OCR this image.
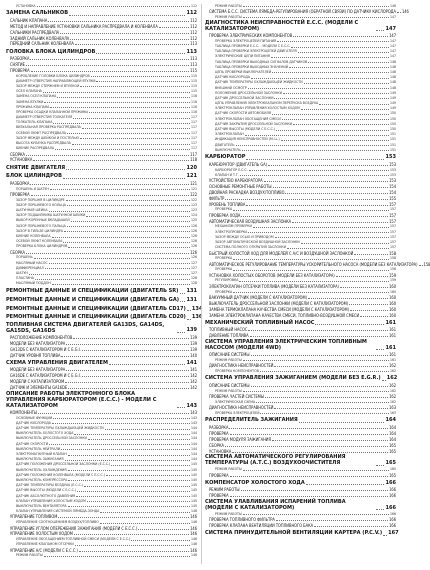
УСТАНОВКА	112
ЗАМЕНА САЛЬНИКОВ	112
САЛЬНИК КЛАПАНА	112
МЕТОД И НАПРАВЛЕНИЕ УСТАНОВКИ САЛЬНИКА РАСПРЕДВАЛА И КОЛЕНВАЛА	112
САЛЬНИКИ РАСПРЕДВАЛА	112
ЗАДНИЙ САЛЬНИК КОЛЕНВАЛА	112
ПЕРЕДНИЙ САЛЬНИК КОЛЕНВАЛА	113
ГОЛОВКА БЛОКА ЦИЛИНДРОВ	113
РАЗБОРКА	113
СНЯТИЕ	113
ПРОВЕРКА	115
КОРОБЛЕНИЕ ГОЛОВКИ БЛОКА ЦИЛИНДРОВ	115
ДИАМЕТР ОТВЕРСТИЯ НАПРАВЛЯЮЩЕЙ ВТУЛКИ	115
ЗАЗОР МЕЖДУ СТЕРЖНЕМ И ВТУЛКОЙ	115
ОСЕЛ КЛАПАНА	115
ЗАМЕНА ОСЕЛ КЛАПАНА	116
ЗАМЕНА ВТУЛКИ	116
ПРУЖИНА КЛАПАНА	116
ПРОВЕРКА ОСАДКИ КЛАПАННОЙ ПРУЖИНЫ	116
ДИАМЕТР ОТВЕРСТИЯ ТОЛКАТЕЛЯ	117
ТОЛКАТЕЛЬ КЛАПАНА	117
ВИЗУАЛЬНАЯ ПРОВЕРКА РАСПРЕДВАЛА	117
ОСЕВОЙ ЛЮФТ РАСПРЕДВАЛА	117
ЗАЗОР МЕЖДУ ШЕЙКОЙ И ПОСТЕЛЬЮ	117
ВЫСОТА КУЛАЧКА РАСПРЕДВАЛА	117
БИЕНИЕ РАСПРЕДВАЛА	117
СБОРКА	117
УСТАНОВКА	118
СНЯТИЕ ДВИГАТЕЛЯ	120
БЛОК ЦИЛИНДРОВ	121
РАЗБОРКА	121
ПОРШЕНЬ И ШАТУН	121
ПРОВЕРКА	122
ЗАЗОР ПОРШНЯ В ЦИЛИНДРЕ	122
ЗАЗОР ПОРШНЕВОГО КОЛЬЦА	123
ШАТУННАЯ ШЕЙКА	123
ЗАЗОР ПОДШИПНИКА ШАТУННОЙ ШЕЙКИ	124
ВЫБОР КОРЕННЫХ ВКЛАДЫШЕЙ	125
ЗАЗОР ПОРШНЕВОГО ПАЛЬЦА	126
ЗАЗОР В ГИЛЬЗЕ ЦИЛИНДРА	126
БИЕНИЕ КОЛЕНВАЛА	126
ОСЕВОЙ ЛЮФТ КОЛЕНВАЛА	126
ПРОВЕРКА БЛОКА ЦИЛИНДРОВ	126
СБОРКА	126
ПОРШЕНЬ	126
МАСЛЯНЫЙ НАСОС	127
ДИФФЕРЕНЦИАЛ	127
ШАТУН	127
ПЛАСТИНА	128
МАСЛЯНЫЙ ПОДДОН	128
РЕМОНТНЫЕ ДАННЫЕ И СПЕЦИФИКАЦИИ (ДВИГАТЕЛЬ SR) 131
РЕМОНТНЫЕ ДАННЫЕ И СПЕЦИФИКАЦИИ (ДВИГАТЕЛЬ GA) 131
РЕМОНТНЫЕ ДАННЫЕ И СПЕЦИФИКАЦИИ (ДВИГАТЕЛЬ CD17) 134
РЕМОНТНЫЕ ДАННЫЕ И СПЕЦИФИКАЦИИ (ДВИГАТЕЛЬ CD20) 136
ТОПЛИВНАЯ СИСТЕМА ДВИГАТЕЛЕЙ GA13DS, GA14DS, GA15DS, GA16DS	139
РАСПОЛОЖЕНИЕ КОМПОНЕНТОВ	139
МОДЕЛИ БЕЗ КАТАЛИЗАТОРА	139
GA13DS С КАТАЛИЗАТОРОМ И С E.G.I.	139
ДАТЧИК УРОВНЯ ТОПЛИВА	140
СХЕМА УПРАВЛЕНИЯ ДВИГАТЕЛЕМ	141
МОДЕЛИ БЕЗ КАТАЛИЗАТОРА	141
GA16DE С КАТАЛИЗАТОРОМ И С E.G.I.	142
МОДЕЛИ С КАТАЛИЗАТОРОМ	142
ДАТЧИК И ЭЛЕМЕНТЫ GA16DE	142
ОПИСАНИЕ РАБОТЫ ЭЛЕКТРОННОГО БЛОКА УПРАВЛЕНИЯ КАРБЮРАТОРОМ (E.C.C.) - МОДЕЛИ С КАТАЛИЗАТОРОМ	143
КОМПОНЕНТЫ	143
ОСНОВНЫЕ ФУНКЦИИ	143
ДАТЧИК КИСЛОРОДА	143
ДАТЧИК ТЕМПЕРАТУРЫ ОХЛАЖДАЮЩЕЙ ЖИДКОСТИ	144
ВЫКЛЮЧАТЕЛЬ ХОЛОСТОГО ХОДА	144
ВЫКЛЮЧАТЕЛЬ ДРОССЕЛЬНОЙ ЗАСЛОНКИ	144
ДАТЧИК СКОРОСТИ	144
ВЫКЛЮЧАТЕЛЬ НЕЙТРАЛИ	144
ЭЛЕКТРОМАГНИТНЫЙ КЛАПАН	144
ВЫКЛЮЧАТЕЛЬ ЗАЖИГАНИЯ	144
ДАТЧИК ПОЛОЖЕНИЯ ДРОССЕЛЬНОЙ ЗАСЛОНКИ (E.C.C.)	145
ВЫКЛЮЧАТЕЛЬ ОХЛАЖДЕНИЯ	145
ДАТЧИК ПОЛОЖЕНИЯ КОЛЕНВАЛА (МОДЕЛИ С E.C.C.)	145
ВЫКЛЮЧАТЕЛЬ КОМПРЕССОРА	145
ДАТЧИК ТЕМПЕРАТУРЫ ВОЗДУХА (E.C.C.)	145
ДАТЧИК ВЫСОТЫ (МОДЕЛИ С E.C.C.)	145
ДАТЧИК АБСОЛЮТНОГО ДАВЛЕНИЯ	145
КЛАПАН УПРАВЛЕНИЯ ХОЛОСТЫМ ХОДОМ	145
ВЫКЛЮЧАТЕЛЬ ВЕНТИЛЯТОРА	145
КЛАПАН УПРАВЛЕНИЯ СИСТЕМОЙ ЛЯМБДА-ЗОНДА	146
УПРАВЛЕНИЕ ТОПЛИВОМ	146
УПРАВЛЕНИЕ СООТНОШЕНИЕМ ВОЗДУХ/ТОПЛИВО	146
УПРАВЛЕНИЕ УГЛОМ ОПЕРЕЖЕНИЯ ЗАЖИГАНИЯ (МОДЕЛИ С E.C.C.)	146
УПРАВЛЕНИЕ ХОЛОСТЫМ ХОДОМ	146
УПРАВЛЕНИЕ ОБОГАЩЕНИЕМ ТОПЛИВНОЙ СМЕСИ (МОДЕЛИ С E.C.C.)	146
УПРАВЛЕНИЕ КЛАПАНОМ ОТСЕЧКИ	146
УПРАВЛЕНИЕ А/С (МОДЕЛИ С E.C.C.)	146
РЕЖИМ РАБОТЫ	146
РЕЖИМ РАБОТЫ	146
СИСТЕМА E.C.C. СИСТЕМА ЛЯМБДА-РЕГУЛИРОВАНИЯ (ОБРАТНОЙ СВЯЗИ) ПО ДАТЧИКУ КИСЛОРОДА 146
РЕЖИМ РАБОТЫ	147
ДИАГНОСТИКА НЕИСПРАВНОСТЕЙ E.C.C. (МОДЕЛИ С КАТАЛИЗАТОРОМ)	147
ПРОВЕРКА ЭЛЕКТРИЧЕСКИХ КОМПОНЕНТОВ	147
ПРОВЕРКА ЭЛЕКТРОЦЕПЕЙ ПИТАНИЯ	147
ТАБЛИЦА ПРОВЕРКИ E.C.C. - МОДЕЛИ С E.C.C.	147
ТАБЛИЦА ПРОВЕРКИ ЭЛЕКТРОЦЕПЕЙ ДВИГАТЕЛЯ	147
ЭЛЕКТРИЧЕСКИЕ ЦЕПИ ПИТАНИЯ	147
ТАБЛИЦА ПРОВЕРКИ ВЫХОДНЫХ СИГНАЛОВ ДАТЧИКОВ	148
ТАБЛИЦА ПРОВЕРКИ ВЫХОДНЫХ ЗНАЧЕНИЙ	148
ЦЕПЬ ПРОВЕРКИ ВЫКЛЮЧАТЕЛЕЙ	148
ДАТЧИК КИСЛОРОДА	148
ДАТЧИК ТЕМПЕРАТУРЫ ОХЛАЖДАЮЩЕЙ ЖИДКОСТИ	148
ВНЕШНИЙ ОСМОТР	148
ПОЛОЖЕНИЕ ДРОССЕЛЬНОЙ ЗАСЛОНКИ	149
ДАТЧИК ДРОССЕЛЬНОЙ ЗАСЛОНКИ	149
ЦЕПЬ УПРАВЛЕНИЯ ЭЛЕКТРОКЛАПАНОМ ПЕРЕПУСКА ВОЗДУХА	149
ЭЛЕКТРОКЛАПАН УПРАВЛЕНИЯ ХОЛОСТЫМ ХОДОМ	149
ДАТЧИК СКОРОСТИ АВТОМОБИЛЯ	150
ЭЛЕКТРОКЛАПАН ОБОГАЩЕНИЯ СМЕСИ	150
ДАТЧИК ЗАКРЫТИЯ ДРОССЕЛЬНОЙ ЗАСЛОНКИ	150
ДАТЧИК ВЫСОТЫ (МОДЕЛИ С E.C.C.)	150
ЭЛЕКТРОКЛАПАН	151
ИНДИКАЦИЯ НЕИСПРАВНОСТЕЙ (М.І.L.)	151
ДВИГАТЕЛЬ	151
ВЫКЛЮЧАТЕЛЬ	151
КАРБЮРАТОР	153
КАРБЮРАТОР (ДВИГАТЕЛЬ GA)	153
КАРБЮРАТОР E.C.C.	153
КЛАПАН И Т.Т.	153
УСТРОЙСТВО КАРБЮРАТОРА	153
ОСНОВНЫЕ РЕМОНТНЫЕ РАБОТЫ	154
ДВОЙНАЯ РАСКАДКА ВОЗДУХ/ТОПЛИВО	154
ФИЛЬТР	155
УРОВЕНЬ ТОПЛИВА	157
ПРОВЕРКА	157
ПРОВЕРКА ХОДА	157
АВТОМАТИЧЕСКАЯ ВОЗДУШНАЯ ЗАСЛОНКА	157
МЕХАНИЗМ ПРОВЕРКИ	157
ЭЛЕКТРОПРОВЕРКА	157
ЗАЗОР МЕЖДУ ОСЬЮ И ПРИВОДОМ	157
ЗАЗОР АВТОМАТИЧЕСКОЙ ВОЗДУШНОЙ ЗАСЛОНКИ	157
СИСТЕМА ПОЛНОГО ОТКРЫТИЯ ЗАСЛОНКИ	157
БЫСТРЫЙ ХОЛОСТОЙ ХОД ДЛЯ МОДЕЛЕЙ С А/С И ВОЗДУШНОЙ ЗАСЛОНКОЙ	158
ПРОВЕРКА	158
АВТОМАТИЧЕСКОЕ РЕГУЛИРОВАНИЕ ТЕМПЕРАТУРЫ УСКОРИТЕЛЬНОГО НАСОСА (МОДЕЛИ БЕЗ КАТАЛИЗАТОРА) 158
ПРОВЕРКА	158
УСТАНОВКА ХОЛОСТЫХ ОБОРОТОВ (МОДЕЛИ БЕЗ КАТАЛИЗАТОРА)	159
РЕГУЛИРОВКА	159
ЭЛЕКТРОКЛАПАН ОТСЕЧКИ ТОПЛИВА (МОДЕЛИ БЕЗ КАТАЛИЗАТОРА)	160
ПРОВЕРКА	160
ВАКУУМНЫЙ ДАТЧИК (МОДЕЛИ С КАТАЛИЗАТОРОМ)	160
ВЫКЛЮЧАТЕЛЬ ДРОССЕЛЬНОЙ ЗАСЛОНКИ (МОДЕЛИ С КАТАЛИЗАТОРОМ)	160
ЗАМЕНА ТЕРМОКЛАПАНА КАЧЕСТВА СМЕСИ (МОДЕЛИ С КАТАЛИЗАТОРОМ)	160
ЗАМЕНА ЭЛЕКТРОКЛАПАНА КАЧЕСТВА СМЕСИ, ТОПЛИВНО-ВОЗДУШНОЙ СМЕСИ	160
МЕХАНИЧЕСКИЙ ТОПЛИВНЫЙ НАСОС	161
ТОПЛИВНЫЙ НАСОС	161
ДАВЛЕНИЕ ТОПЛИВА	161
СИСТЕМА УПРАВЛЕНИЯ ЭЛЕКТРИЧЕСКИМ ТОПЛИВНЫМ НАСОСОМ (МОДЕЛИ 4WD)	161
ОПИСАНИЕ СИСТЕМЫ	161
РЕЖИМ РАБОТЫ	161
ДИАГНОСТИКА НЕИСПРАВНОСТЕЙ	162
ПРОВЕРКА КОМПОНЕНТОВ	162
СИСТЕМА УПРАВЛЕНИЯ ЗАЖИГАНИЕМ (МОДЕЛИ БЕЗ E.G.R.) 162
ОПИСАНИЕ СИСТЕМЫ	162
РЕЖИМ РАБОТЫ	162
ПРОВЕРКА ЧАСТЕЙ СИСТЕМЫ	162
ЭЛЕКТРИЧЕСКАЯ СХЕМА	162
ДИАГНОСТИКА НЕИСПРАВНОСТЕЙ	163
ПРОВЕРКА ЭЛЕКТРОЦЕПЕЙ	163
РАСПРЕДЕЛИТЕЛЬ ЗАЖИГАНИЯ	164
РАЗБОРКА	164
ПРОВЕРКА	164
ПРОВЕРКА МОДУЛЯ ЗАЖИГАНИЯ	164
СБОРКА	165
УСТАНОВКА	165
СИСТЕМА АВТОМАТИЧЕСКОГО РЕГУЛИРОВАНИЯ ТЕМПЕРАТУРЫ (А.Т.С.) ВОЗДУХООЧИСТИТЕЛЯ	165
РЕЖИМ РАБОТЫ	165
ПРОВЕРКА	165
КОМПЕНСАТОР ХОЛОСТОГО ХОДА	166
РЕЖИМ РАБОТЫ	166
ПРОВЕРКА	166
СИСТЕМА УЛАВЛИВАНИЯ ИСПАРЕНИЙ ТОПЛИВА (МОДЕЛИ С КАТАЛИЗАТОРОМ)	166
РЕЖИМ РАБОТЫ	166
ПРОВЕРКА ТОПЛИВНОГО ФИЛЬТРА	166
ПРОВЕРКА КЛАПАНА ВЕНТИЛЯЦИИ ТОПЛИВНОГО БАКА	166
СИСТЕМА ПРИНУДИТЕЛЬНОЙ ВЕНТИЛЯЦИИ КАРТЕРА (P.C.V.) 167
